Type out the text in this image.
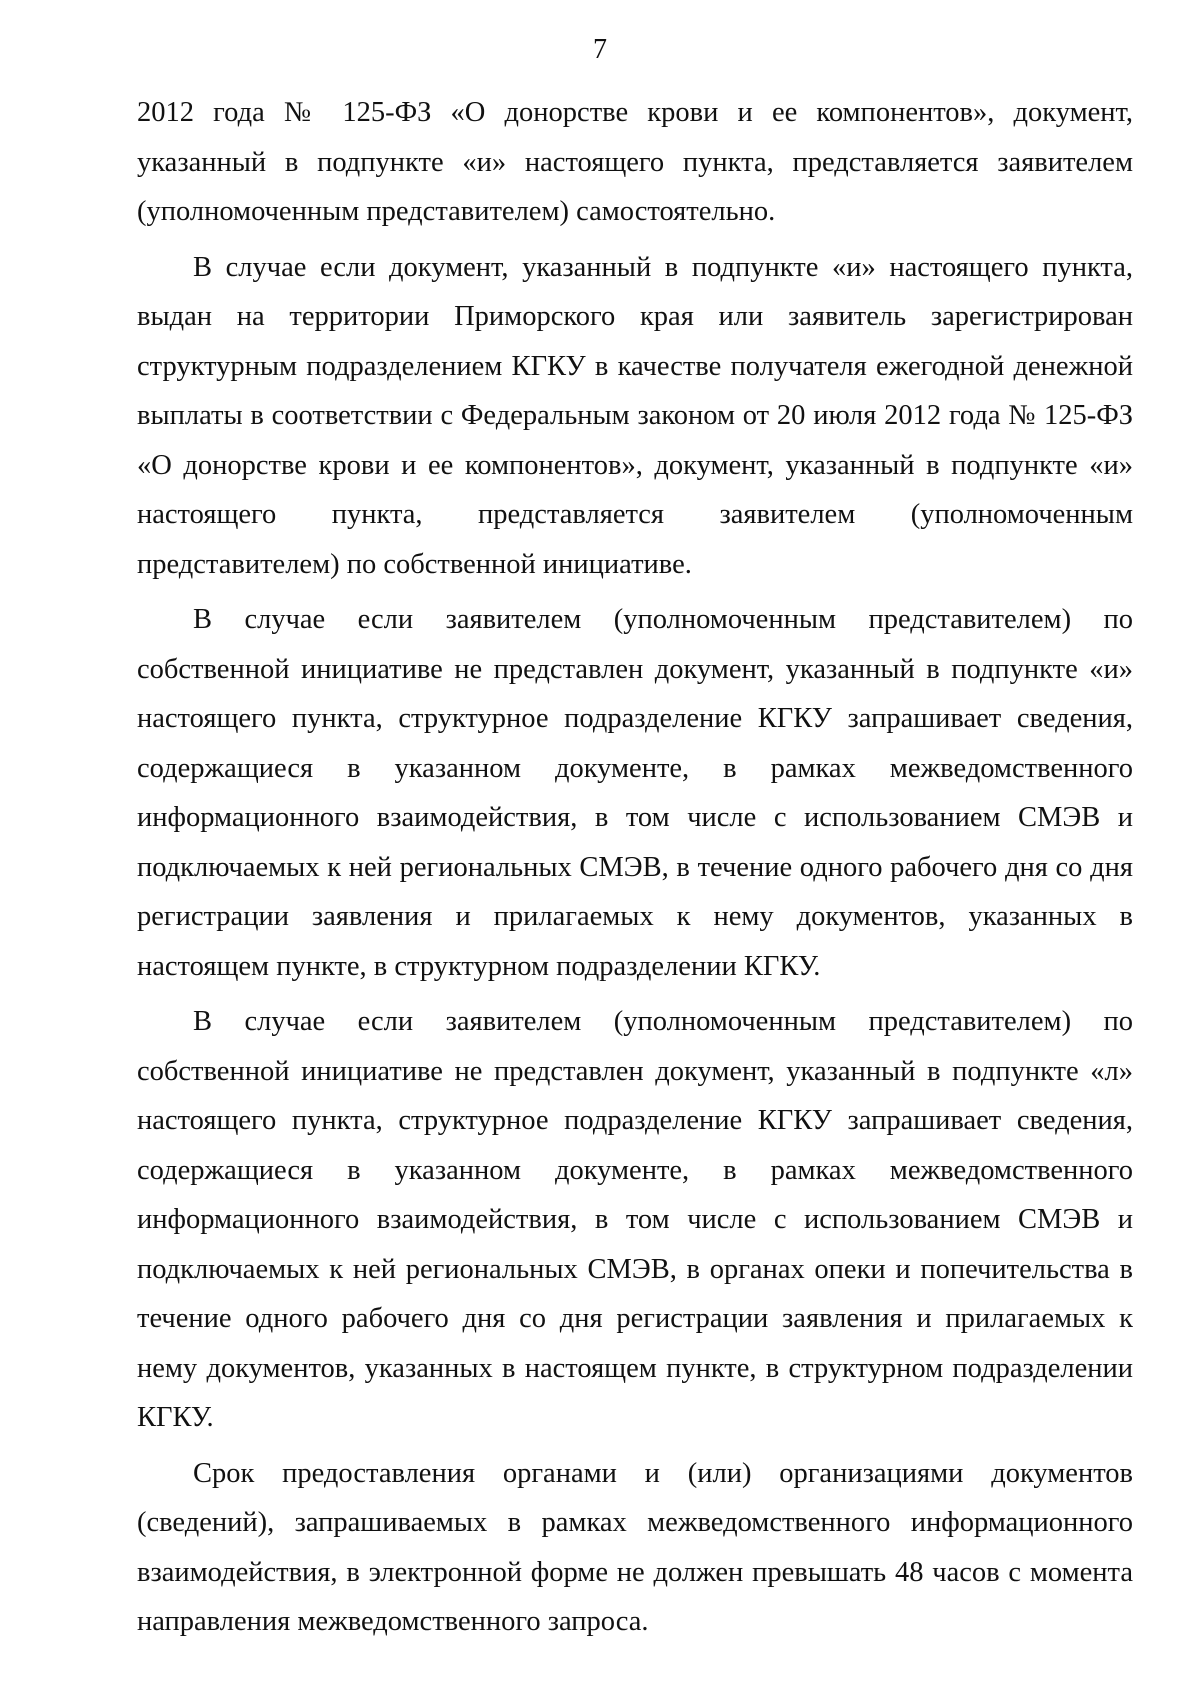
7

2012 года № 125-ФЗ «О донорстве крови и ее компонентов», документ, указанный в подпункте «и» настоящего пункта, представляется заявителем (уполномоченным представителем) самостоятельно.

В случае если документ, указанный в подпункте «и» настоящего пункта, выдан на территории Приморского края или заявитель зарегистрирован структурным подразделением КГКУ в качестве получателя ежегодной денежной выплаты в соответствии с Федеральным законом от 20 июля 2012 года № 125-ФЗ «О донорстве крови и ее компонентов», документ, указанный в подпункте «и» настоящего пункта, представляется заявителем (уполномоченным представителем) по собственной инициативе.

В случае если заявителем (уполномоченным представителем) по собственной инициативе не представлен документ, указанный в подпункте «и» настоящего пункта, структурное подразделение КГКУ запрашивает сведения, содержащиеся в указанном документе, в рамках межведомственного информационного взаимодействия, в том числе с использованием СМЭВ и подключаемых к ней региональных СМЭВ, в течение одного рабочего дня со дня регистрации заявления и прилагаемых к нему документов, указанных в настоящем пункте, в структурном подразделении КГКУ.

В случае если заявителем (уполномоченным представителем) по собственной инициативе не представлен документ, указанный в подпункте «л» настоящего пункта, структурное подразделение КГКУ запрашивает сведения, содержащиеся в указанном документе, в рамках межведомственного информационного взаимодействия, в том числе с использованием СМЭВ и подключаемых к ней региональных СМЭВ, в органах опеки и попечительства в течение одного рабочего дня со дня регистрации заявления и прилагаемых к нему документов, указанных в настоящем пункте, в структурном подразделении КГКУ.

Срок предоставления органами и (или) организациями документов (сведений), запрашиваемых в рамках межведомственного информационного взаимодействия, в электронной форме не должен превышать 48 часов с момента направления межведомственного запроса.
